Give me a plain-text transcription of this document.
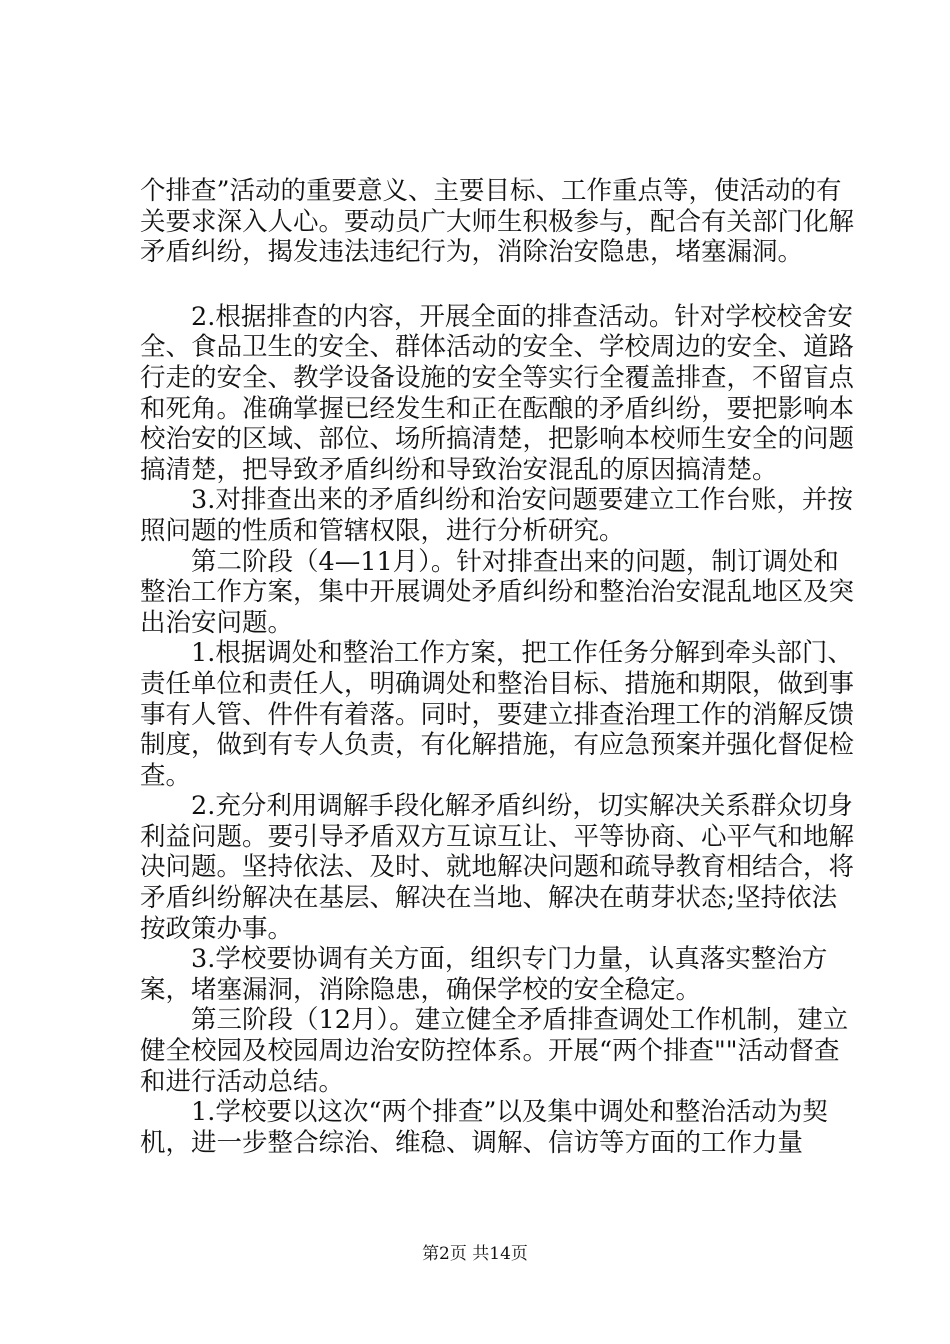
个排查”活动的重要意义、主要目标、工作重点等，使活动的有关要求深入人心。要动员广大师生积极参与，配合有关部门化解矛盾纠纷，揭发违法违纪行为，消除治安隐患，堵塞漏洞。

2.根据排查的内容，开展全面的排查活动。针对学校校舍安全、食品卫生的安全、群体活动的安全、学校周边的安全、道路行走的安全、教学设备设施的安全等实行全覆盖排查，不留盲点和死角。准确掌握已经发生和正在酝酿的矛盾纠纷，要把影响本校治安的区域、部位、场所搞清楚，把影响本校师生安全的问题搞清楚，把导致矛盾纠纷和导致治安混乱的原因搞清楚。

3.对排查出来的矛盾纠纷和治安问题要建立工作台账，并按照问题的性质和管辖权限，进行分析研究。

第二阶段（4—11月）。针对排查出来的问题，制订调处和整治工作方案，集中开展调处矛盾纠纷和整治治安混乱地区及突出治安问题。

1.根据调处和整治工作方案，把工作任务分解到牵头部门、责任单位和责任人，明确调处和整治目标、措施和期限，做到事事有人管、件件有着落。同时，要建立排查治理工作的消解反馈制度，做到有专人负责，有化解措施，有应急预案并强化督促检查。

2.充分利用调解手段化解矛盾纠纷，切实解决关系群众切身利益问题。要引导矛盾双方互谅互让、平等协商、心平气和地解决问题。坚持依法、及时、就地解决问题和疏导教育相结合，将矛盾纠纷解决在基层、解决在当地、解决在萌芽状态;坚持依法按政策办事。

3.学校要协调有关方面，组织专门力量，认真落实整治方案，堵塞漏洞，消除隐患，确保学校的安全稳定。

第三阶段（12月）。建立健全矛盾排查调处工作机制，建立健全校园及校园周边治安防控体系。开展“两个排查""活动督查和进行活动总结。

1.学校要以这次“两个排查”以及集中调处和整治活动为契机，进一步整合综治、维稳、调解、信访等方面的工作力量

第2页 共14页
